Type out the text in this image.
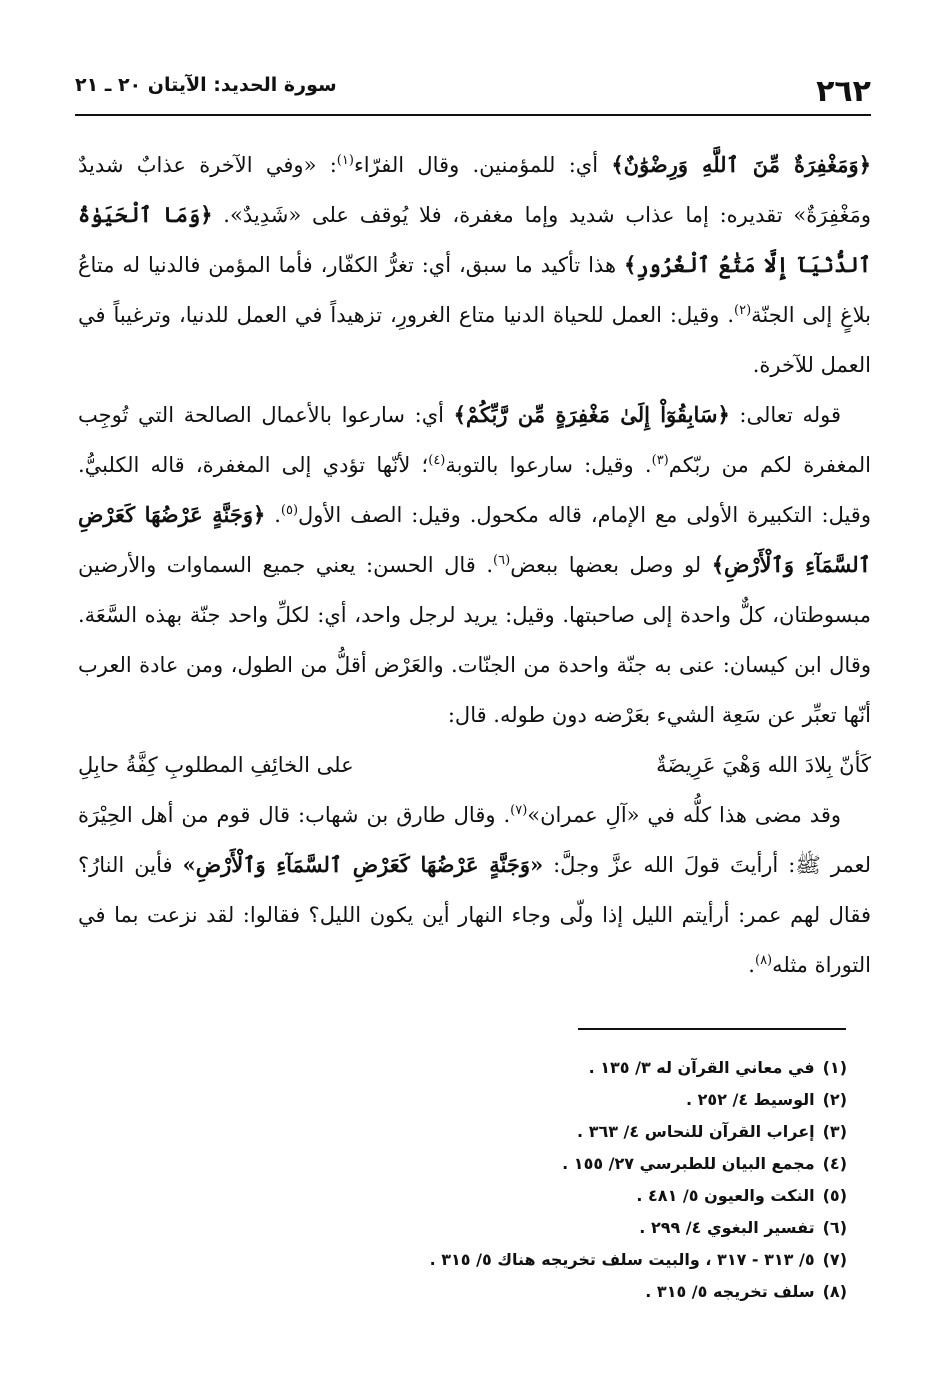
٢٦٢
سورة الحديد: الآيتان ٢٠ ـ ٢١

﴿وَمَغْفِرَةٌ مِّنَ ٱللَّهِ وَرِضْوَٰنٌ﴾ أي: للمؤمنين. وقال الفرّاء$^{(١)}$: «وفي الآخرة عذابٌ شديدٌ ومَغْفِرَةٌ» تقديره: إما عذاب شديد وإما مغفرة، فلا يُوقف على «شَدِيدٌ». ﴿وَمَا ٱلْحَيَوٰةُ ٱلدُّنْيَآ إِلَّا مَتَٰعُ ٱلْغُرُورِ﴾ هذا تأكيد ما سبق، أي: تغرُّ الكفّار، فأما المؤمن فالدنيا له متاعُ بلاغٍ إلى الجنّة$^{(٢)}$. وقيل: العمل للحياة الدنيا متاع الغرورِ، تزهيداً في العمل للدنيا، وترغيباً في العمل للآخرة.

قوله تعالى: ﴿سَابِقُوٓاْ إِلَىٰ مَغْفِرَةٍ مِّن رَّبِّكُمْ﴾ أي: سارعوا بالأعمال الصالحة التي تُوجِب المغفرة لكم من ربّكم$^{(٣)}$. وقيل: سارعوا بالتوبة$^{(٤)}$؛ لأنّها تؤدي إلى المغفرة، قاله الكلبيُّ. وقيل: التكبيرة الأولى مع الإمام، قاله مكحول. وقيل: الصف الأول$^{(٥)}$. ﴿وَجَنَّةٍ عَرْضُهَا كَعَرْضِ ٱلسَّمَآءِ وَٱلْأَرْضِ﴾ لو وصل بعضها ببعض$^{(٦)}$. قال الحسن: يعني جميع السماوات والأرضين مبسوطتان، كلٌّ واحدة إلى صاحبتها. وقيل: يريد لرجل واحد، أي: لكلِّ واحد جنّة بهذه السَّعَة. وقال ابن كيسان: عنى به جنّة واحدة من الجنّات. والعَرْض أقلُّ من الطول، ومن عادة العرب أنّها تعبِّر عن سَعِة الشيء بعَرْضه دون طوله. قال:

كَأنّ بِلادَ الله وَهْيَ عَرِيضَةٌ
على الخائِفِ المطلوبِ كِفَّةُ حابِلِ

وقد مضى هذا كلُّه في «آلِ عمران»$^{(٧)}$. وقال طارق بن شهاب: قال قوم من أهل الحِيْرَة لعمر ﷺ: أرأيتَ قولَ الله عزَّ وجلَّ: «وَجَنَّةٍ عَرْضُهَا كَعَرْضِ ٱلسَّمَآءِ وَٱلْأَرْضِ» فأين النارُ؟ فقال لهم عمر: أرأيتم الليل إذا ولّى وجاء النهار أين يكون الليل؟ فقالوا: لقد نزعت بما في التوراة مثله$^{(٨)}$.

(١)في معاني القرآن له ٣/ ١٣٥ .
(٢)الوسيط ٤/ ٢٥٢ .
(٣)إعراب القرآن للنحاس ٤/ ٣٦٣ .
(٤)مجمع البيان للطبرسي ٢٧/ ١٥٥ .
(٥)النكت والعيون ٥/ ٤٨١ .
(٦)تفسير البغوي ٤/ ٢٩٩ .
(٧)٥/ ٣١٣ - ٣١٧ ، والبيت سلف تخريجه هناك ٥/ ٣١٥ .
(٨)سلف تخريجه ٥/ ٣١٥ .
